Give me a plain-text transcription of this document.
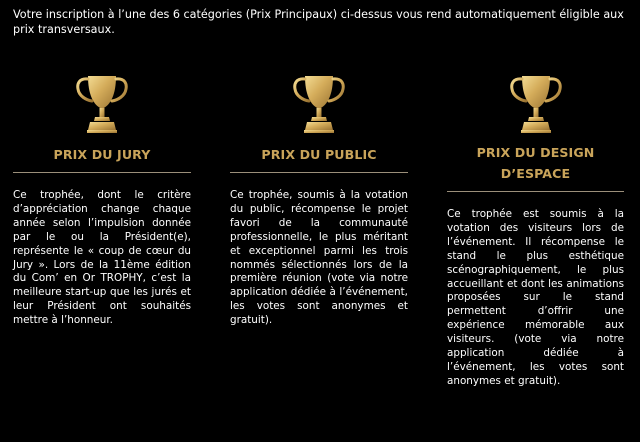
Votre inscription à l’une des 6 catégories (Prix Principaux) ci-dessus vous rend automatiquement éligible aux prix transversaux.

PRIX DU JURY

Ce trophée, dont le critère d’appréciation change chaque année selon l’impulsion donnée par le ou la Président(e), représente le « coup de cœur du Jury ». Lors de la 11ème édition du Com’ en Or TROPHY, c’est la meilleure start-up que les jurés et leur Président ont souhaités mettre à l’honneur.

PRIX DU PUBLIC

Ce trophée, soumis à la votation du public, récompense le projet favori de la communauté professionnelle, le plus méritant et exceptionnel parmi les trois nommés sélectionnés lors de la première réunion (vote via notre application dédiée à l’événement, les votes sont anonymes et gratuit).

PRIX DU DESIGN D’ESPACE

Ce trophée est soumis à la votation des visiteurs lors de l’événement. Il récompense le stand le plus esthétique scénographiquement, le plus accueillant et dont les animations proposées sur le stand permettent d’offrir une expérience mémorable aux visiteurs. (vote via notre application dédiée à l’événement, les votes sont anonymes et gratuit).
